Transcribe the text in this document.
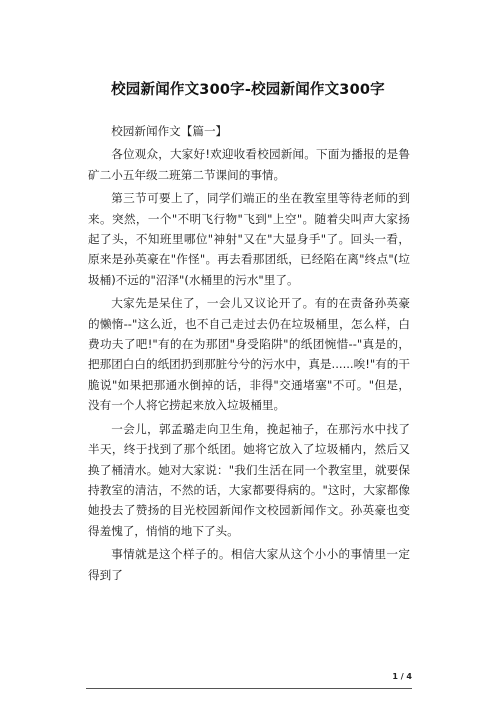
校园新闻作文300字-校园新闻作文300字

校园新闻作文【篇一】

各位观众，大家好!欢迎收看校园新闻。下面为播报的是鲁矿二小五年级二班第二节课间的事情。

第三节可要上了，同学们端正的坐在教室里等待老师的到来。突然，一个"不明飞行物"飞到"上空"。随着尖叫声大家扬起了头，不知班里哪位"神射"又在"大显身手"了。回头一看，原来是孙英豪在"作怪"。再去看那团纸，已经陷在离"终点"(垃圾桶)不远的"沼泽"(水桶里的污水"里了。

大家先是呆住了，一会儿又议论开了。有的在责备孙英豪的懒惰--"这么近，也不自己走过去仍在垃圾桶里，怎么样，白费功夫了吧!"有的在为那团"身受陷阱"的纸团惋惜--"真是的，把那团白白的纸团扔到那脏兮兮的污水中，真是......唉!"有的干脆说"如果把那通水倒掉的话，非得"交通堵塞"不可。"但是，没有一个人将它捞起来放入垃圾桶里。

一会儿，郭孟璐走向卫生角，挽起袖子，在那污水中找了半天，终于找到了那个纸团。她将它放入了垃圾桶内，然后又换了桶清水。她对大家说："我们生活在同一个教室里，就要保持教室的清洁，不然的话，大家都要得病的。"这时，大家都像她投去了赞扬的目光校园新闻作文校园新闻作文。孙英豪也变得羞愧了，悄悄的地下了头。

事情就是这个样子的。相信大家从这个小小的事情里一定得到了

1 / 4
